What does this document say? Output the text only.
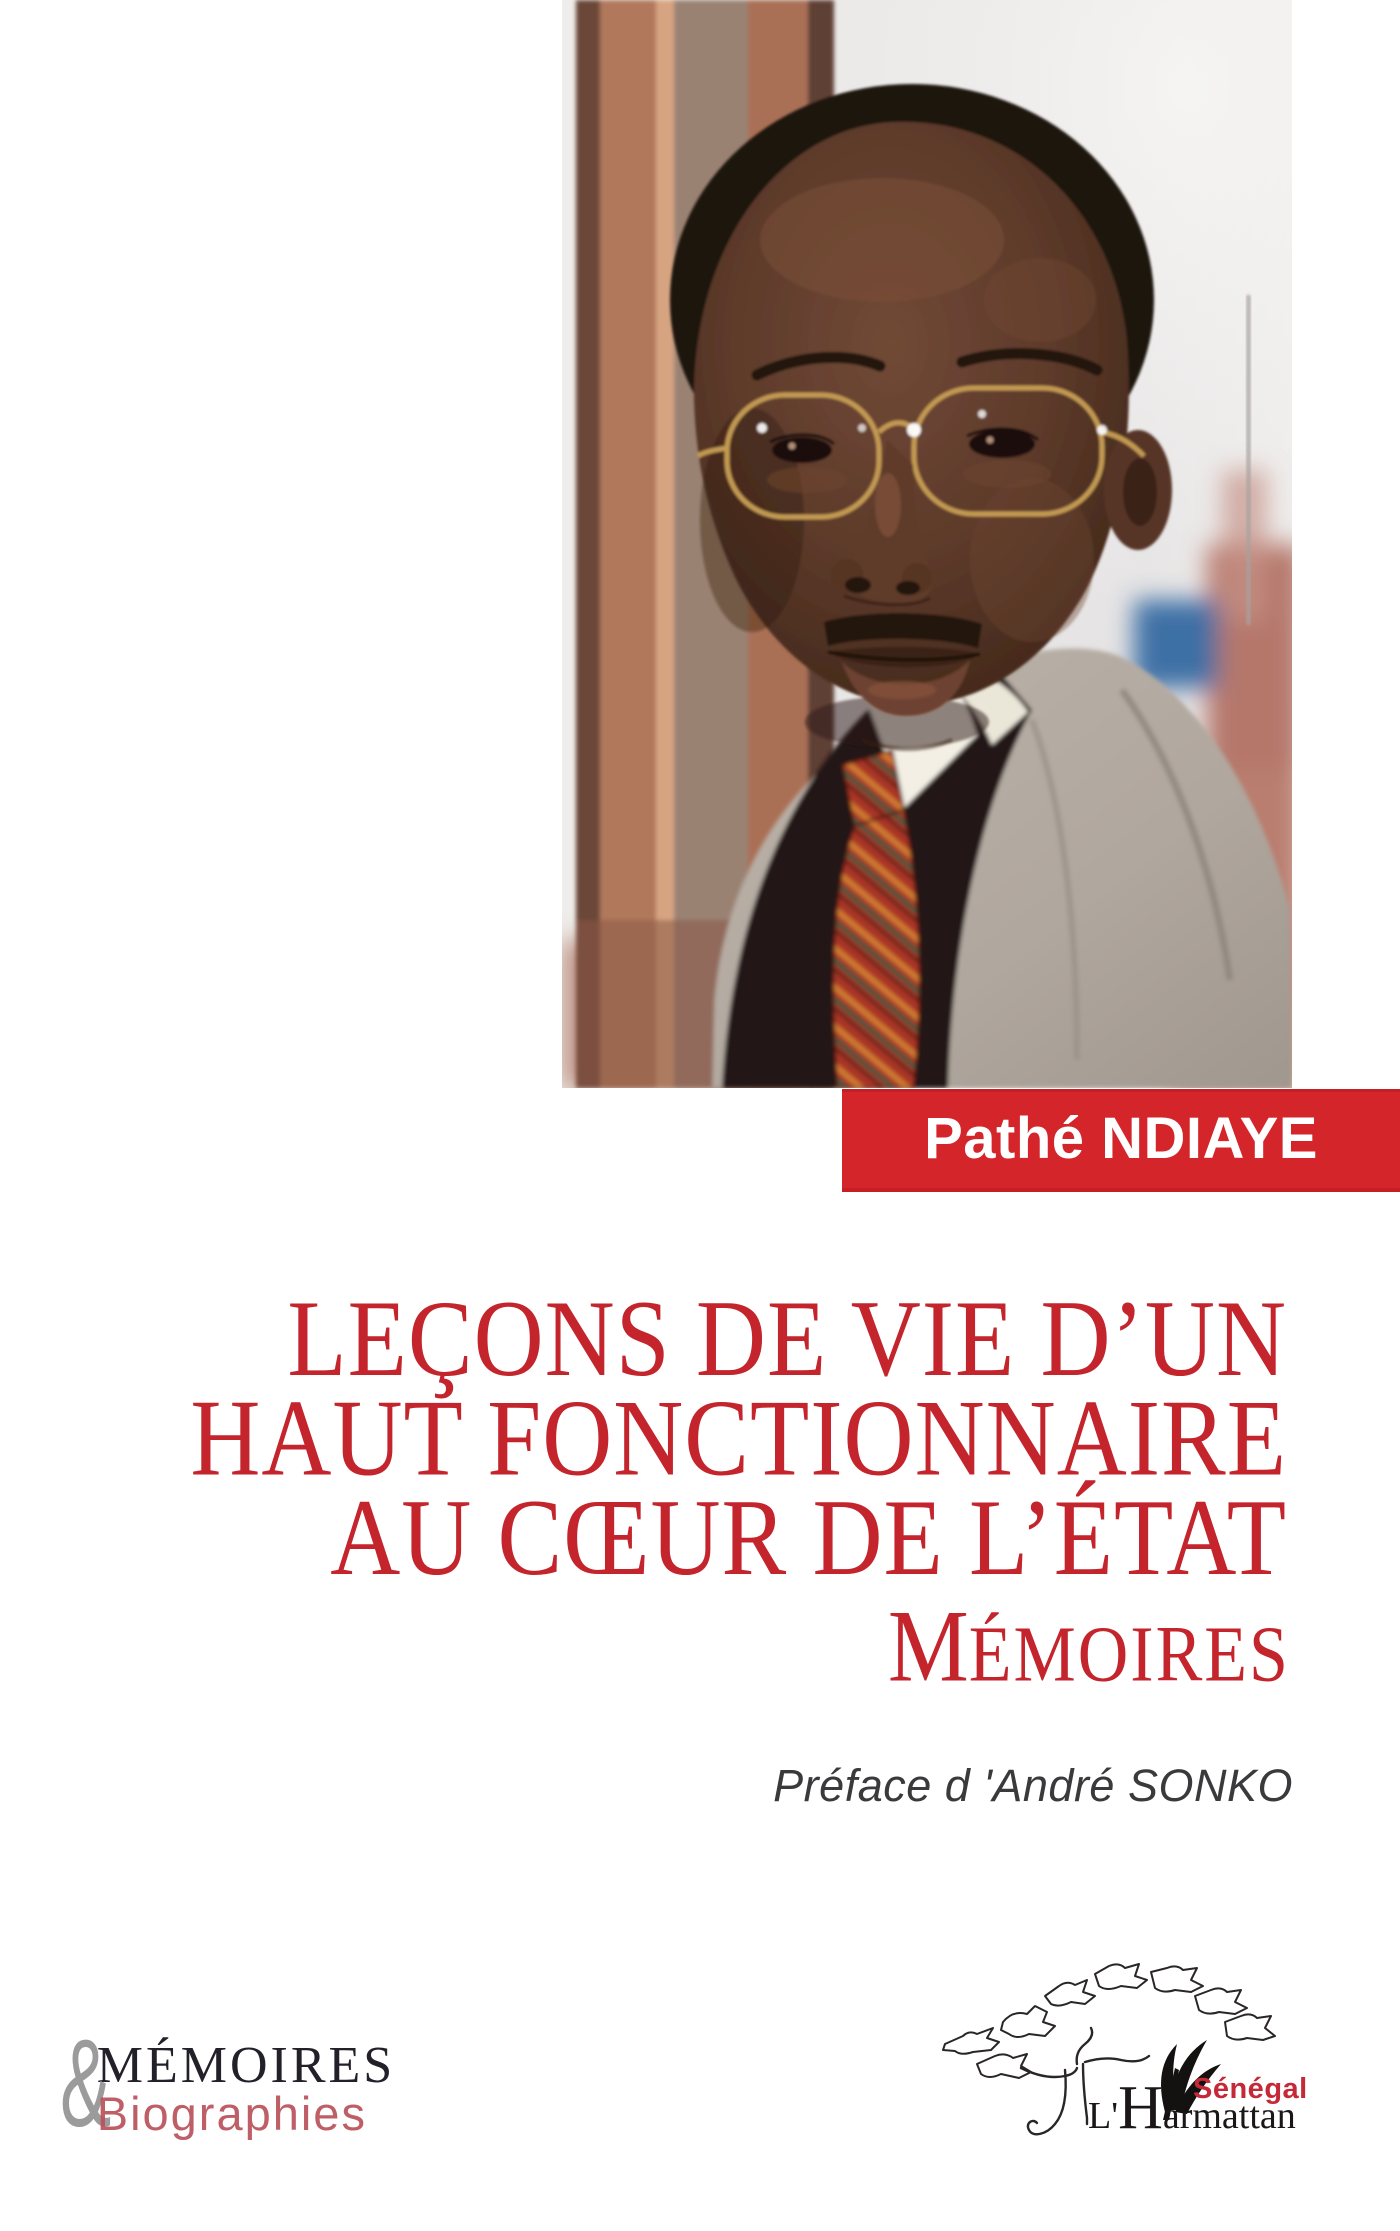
Pathé NDIAYE
LEÇONS DE VIE D’UN
HAUT FONCTIONNAIRE
AU CŒUR DE L’ÉTAT
MÉMOIRES
Préface d 'André SONKO
&
MÉMOIRES
Biographies	L'Harmattan
Sénégal
